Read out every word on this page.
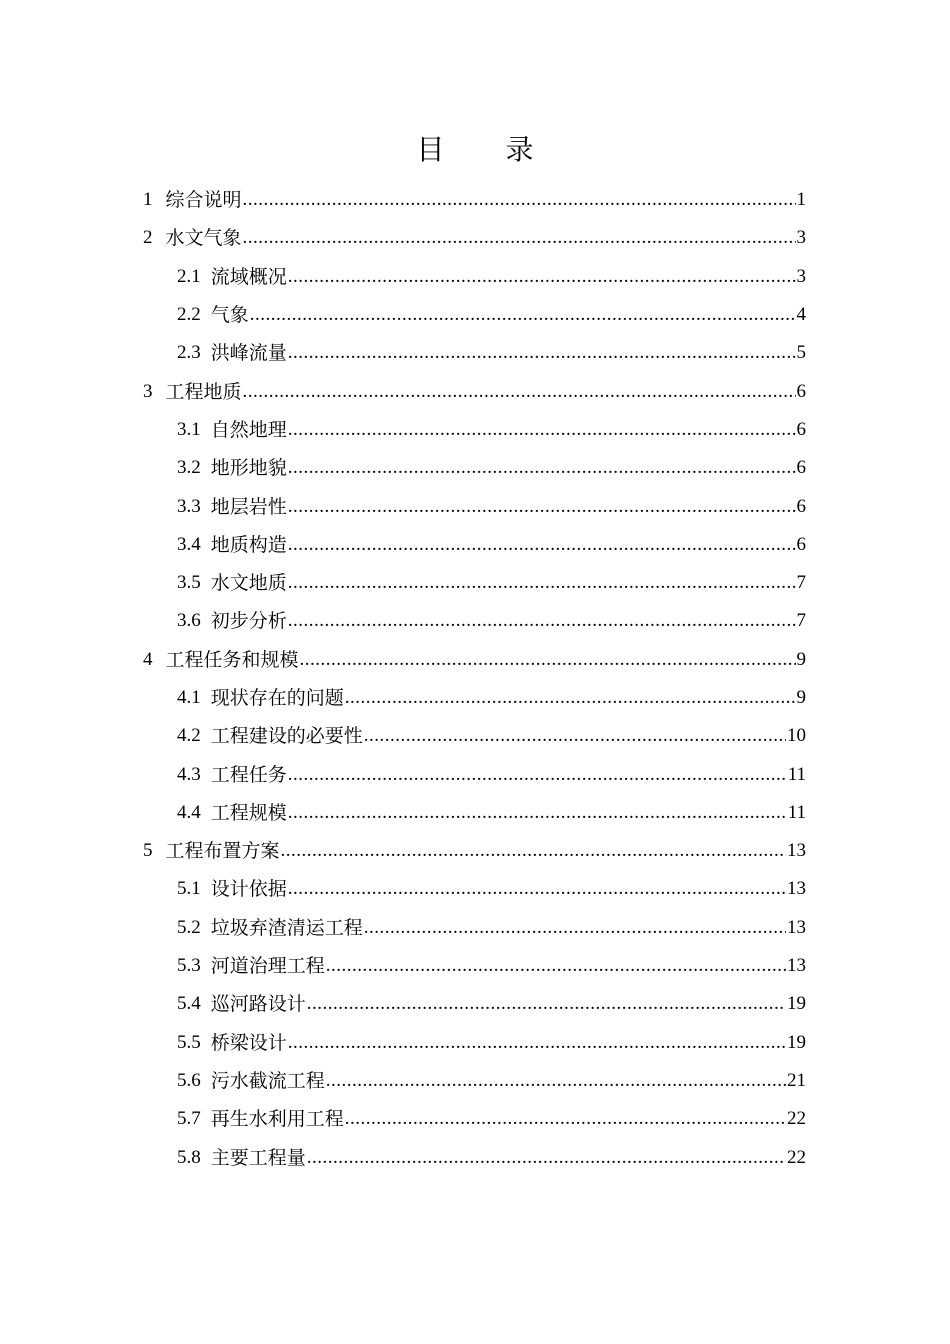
目 录
1 综合说明 .....	1
2 水文气象 .....	3
2.1 流域概况 .....	3
2.2 气象 .....	4
2.3 洪峰流量 .....	5
3 工程地质 .....	6
3.1 自然地理 .....	6
3.2 地形地貌 .....	6
3.3 地层岩性 .....	6
3.4 地质构造 .....	6
3.5 水文地质 .....	7
3.6 初步分析 .....	7
4 工程任务和规模 .....	9
4.1 现状存在的问题 .....	9
4.2 工程建设的必要性 .....	10
4.3 工程任务 .....	11
4.4 工程规模 .....	11
5 工程布置方案 .....	13
5.1 设计依据 .....	13
5.2 垃圾弃渣清运工程 .....	13
5.3 河道治理工程 .....	13
5.4 巡河路设计 .....	19
5.5 桥梁设计 .....	19
5.6 污水截流工程 .....	21
5.7 再生水利用工程 .....	22
5.8 主要工程量 .....	22
